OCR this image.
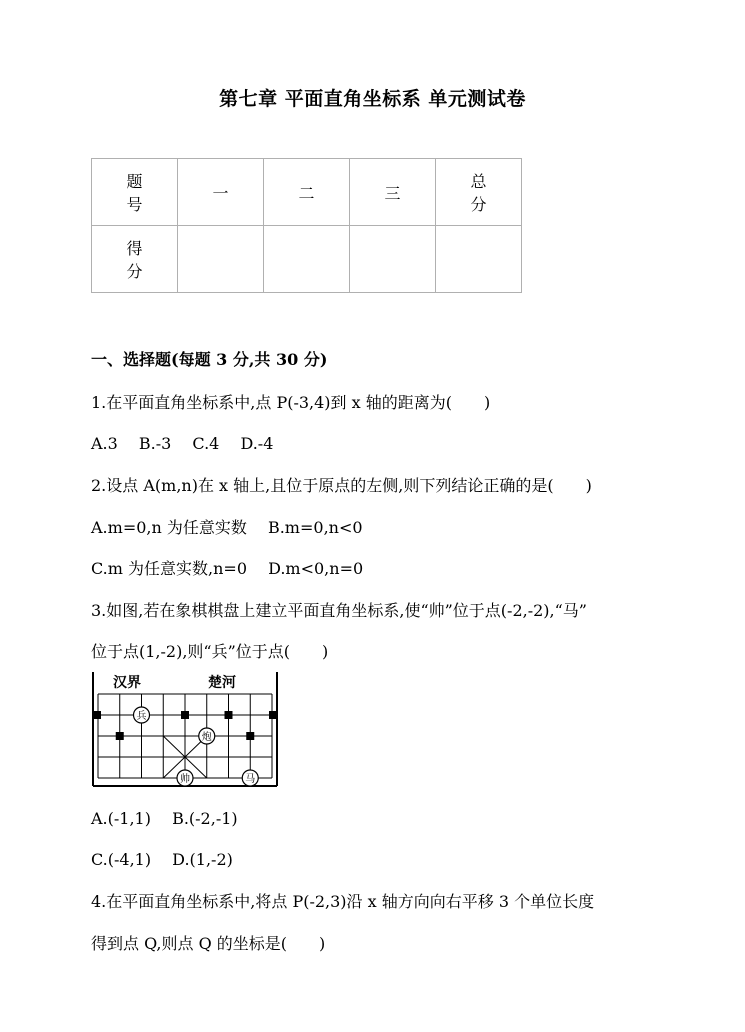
第七章 平面直角坐标系 单元测试卷
题　号	一	二	三	总　分
得　分				
一、选择题(每题 3 分,共 30 分)
1.在平面直角坐标系中,点 P(-3,4)到 x 轴的距离为(　　)
A.3　 B.-3　 C.4　 D.-4
2.设点 A(m,n)在 x 轴上,且位于原点的左侧,则下列结论正确的是(　　)
A.m=0,n 为任意实数　 B.m=0,n<0
C.m 为任意实数,n=0　 D.m<0,n=0
3.如图,若在象棋棋盘上建立平面直角坐标系,使“帅”位于点(-2,-2),“马”
位于点(1,-2),则“兵”位于点(　　)
汉界	楚河
兵
炮
帅	马
A.(-1,1)　 B.(-2,-1)
C.(-4,1)　 D.(1,-2)
4.在平面直角坐标系中,将点 P(-2,3)沿 x 轴方向向右平移 3 个单位长度
得到点 Q,则点 Q 的坐标是(　　)
